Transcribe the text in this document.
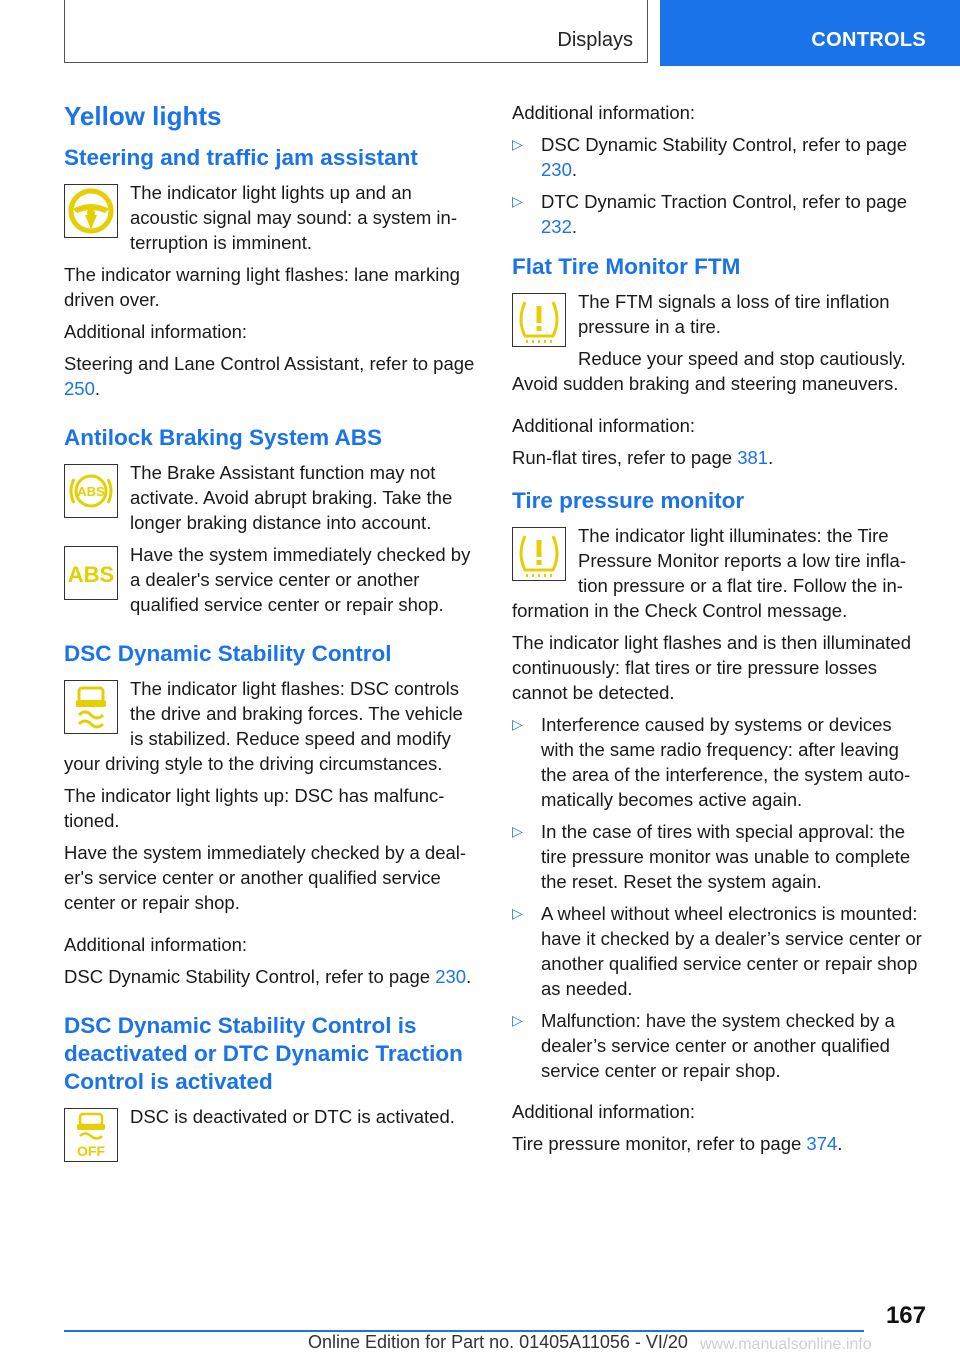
Displays	CONTROLS
Yellow lights
Steering and traffic jam assistant

The indicator light lights up and an acoustic signal may sound: a system interruption is imminent.

The indicator warning light flashes: lane marking driven over.

Additional information:

Steering and Lane Control Assistant, refer to page 250.

Antilock Braking System ABS
ABS

The Brake Assistant function may not activate. Avoid abrupt braking. Take the longer braking distance into account.

ABS

Have the system immediately checked by a dealer's service center or another qualified service center or repair shop.

DSC Dynamic Stability Control

The indicator light flashes: DSC controls the drive and braking forces. The vehicle is stabilized. Reduce speed and modify your driving style to the driving circumstances.

The indicator light lights up: DSC has malfunctioned.

Have the system immediately checked by a dealer's service center or another qualified service center or repair shop.

Additional information:

DSC Dynamic Stability Control, refer to page 230.

DSC Dynamic Stability Control is deactivated or DTC Dynamic Traction Control is activated
OFF

DSC is deactivated or DTC is activated.

Additional information:

▷ DSC Dynamic Stability Control, refer to page 230.
▷ DTC Dynamic Traction Control, refer to page 232.
Flat Tire Monitor FTM

The FTM signals a loss of tire inflation pressure in a tire.

Reduce your speed and stop cautiously. Avoid sudden braking and steering maneuvers.

Additional information:

Run-flat tires, refer to page 381.

Tire pressure monitor

The indicator light illuminates: the Tire Pressure Monitor reports a low tire inflation pressure or a flat tire. Follow the information in the Check Control message.

The indicator light flashes and is then illuminated continuously: flat tires or tire pressure losses cannot be detected.

▷ Interference caused by systems or devices with the same radio frequency: after leaving the area of the interference, the system automatically becomes active again.
▷ In the case of tires with special approval: the tire pressure monitor was unable to complete the reset. Reset the system again.
▷ A wheel without wheel electronics is mounted: have it checked by a dealer’s service center or another qualified service center or repair shop as needed.
▷ Malfunction: have the system checked by a dealer’s service center or another qualified service center or repair shop.

Additional information:

Tire pressure monitor, refer to page 374.

167
Online Edition for Part no. 01405A11056 - VI/20 www.manualsonline.info
